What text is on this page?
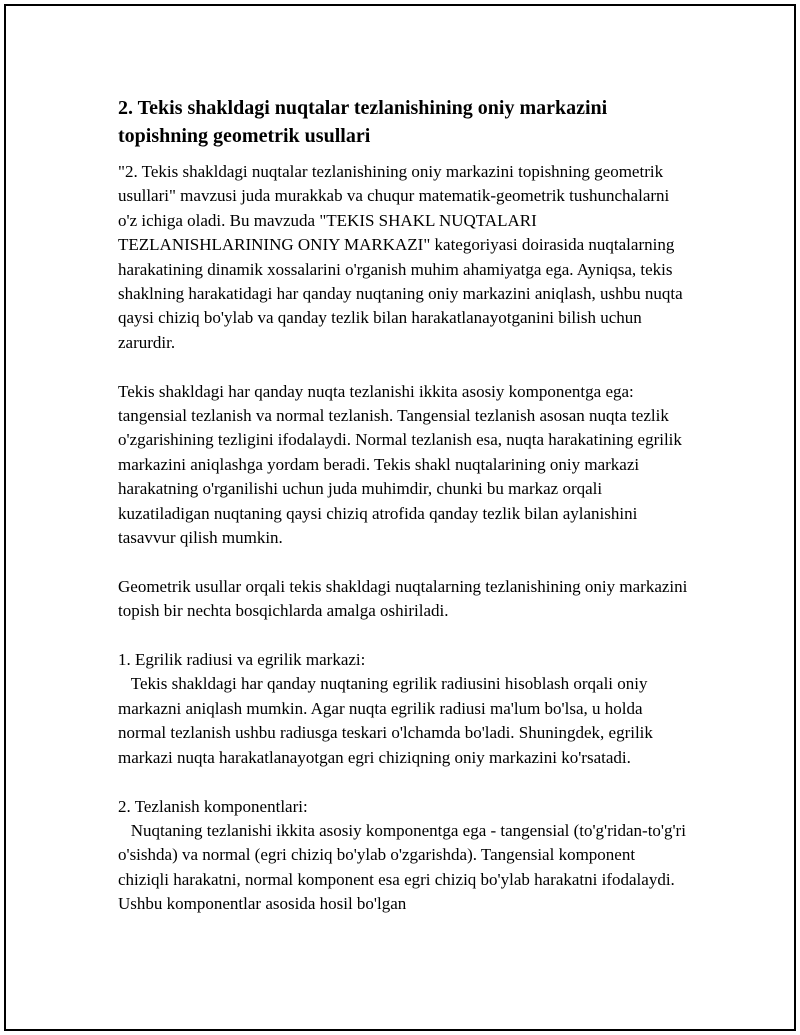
2. Tekis shakldagi nuqtalar tezlanishining oniy markazini topishning geometrik usullari

"2. Tekis shakldagi nuqtalar tezlanishining oniy markazini topishning geometrik usullari" mavzusi juda murakkab va chuqur matematik-geometrik tushunchalarni o'z ichiga oladi. Bu mavzuda "TEKIS SHAKL NUQTALARI TEZLANISHLARINING ONIY MARKAZI" kategoriyasi doirasida nuqtalarning harakatining dinamik xossalarini o'rganish muhim ahamiyatga ega. Ayniqsa, tekis shaklning harakatidagi har qanday nuqtaning oniy markazini aniqlash, ushbu nuqta qaysi chiziq bo'ylab va qanday tezlik bilan harakatlanayotganini bilish uchun zarurdir.

Tekis shakldagi har qanday nuqta tezlanishi ikkita asosiy komponentga ega: tangensial tezlanish va normal tezlanish. Tangensial tezlanish asosan nuqta tezlik o'zgarishining tezligini ifodalaydi. Normal tezlanish esa, nuqta harakatining egrilik markazini aniqlashga yordam beradi. Tekis shakl nuqtalarining oniy markazi harakatning o'rganilishi uchun juda muhimdir, chunki bu markaz orqali kuzatiladigan nuqtaning qaysi chiziq atrofida qanday tezlik bilan aylanishini tasavvur qilish mumkin.

Geometrik usullar orqali tekis shakldagi nuqtalarning tezlanishining oniy markazini topish bir nechta bosqichlarda amalga oshiriladi.

1. Egrilik radiusi va egrilik markazi:
Tekis shakldagi har qanday nuqtaning egrilik radiusini hisoblash orqali oniy markazni aniqlash mumkin. Agar nuqta egrilik radiusi ma'lum bo'lsa, u holda normal tezlanish ushbu radiusga teskari o'lchamda bo'ladi. Shuningdek, egrilik markazi nuqta harakatlanayotgan egri chiziqning oniy markazini ko'rsatadi.

2. Tezlanish komponentlari:
Nuqtaning tezlanishi ikkita asosiy komponentga ega - tangensial (to'g'ridan-to'g'ri o'sishda) va normal (egri chiziq bo'ylab o'zgarishda). Tangensial komponent chiziqli harakatni, normal komponent esa egri chiziq bo'ylab harakatni ifodalaydi. Ushbu komponentlar asosida hosil bo'lgan
